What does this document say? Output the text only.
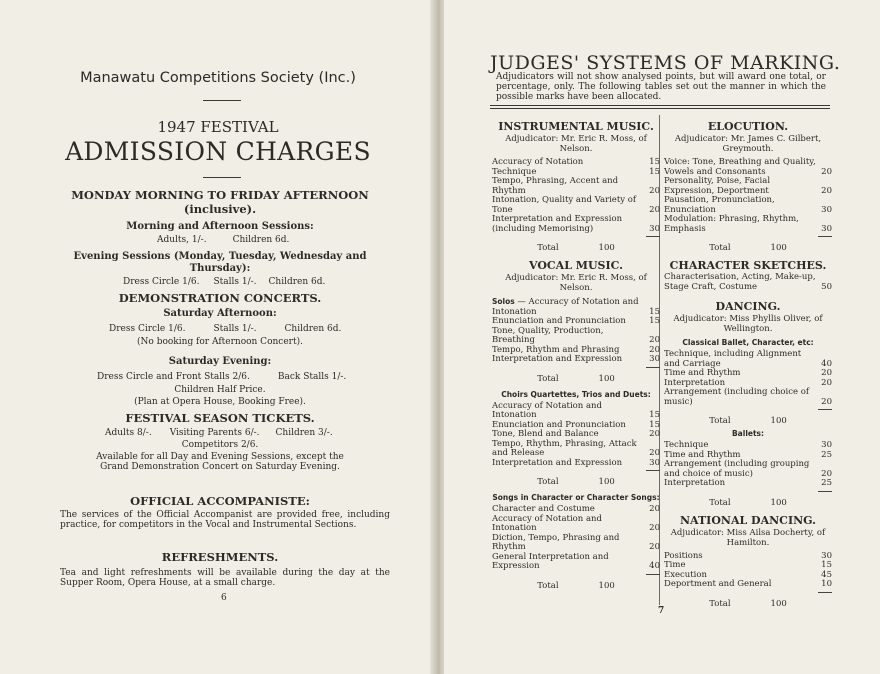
Manawatu Competitions Society (Inc.)
1947 FESTIVAL
ADMISSION CHARGES
MONDAY MORNING TO FRIDAY AFTERNOON
(inclusive).
Morning and Afternoon Sessions:
Adults, 1/-.	Children 6d.
Evening Sessions (Monday, Tuesday, Wednesday and
Thursday):
Dress Circle 1/6. Stalls 1/-. Children 6d.
DEMONSTRATION CONCERTS.
Saturday Afternoon:
Dress Circle 1/6.	Stalls 1/-.	Children 6d.
(No booking for Afternoon Concert).
Saturday Evening:
Dress Circle and Front Stalls 2/6.	Back Stalls 1/-.
Children Half Price.
(Plan at Opera House, Booking Free).
FESTIVAL SEASON TICKETS.
Adults 8/-. Visiting Parents 6/-. Children 3/-.
Competitors 2/6.
Available for all Day and Evening Sessions, except the
Grand Demonstration Concert on Saturday Evening.
OFFICIAL ACCOMPANISTE:
The services of the Official Accompanist are provided free, including practice, for competitors in the Vocal and Instrumental Sections.
REFRESHMENTS.
Tea and light refreshments will be available during the day at the Supper Room, Opera House, at a small charge.
6
JUDGES' SYSTEMS OF MARKING.
Adjudicators will not show analysed points, but will award one total, or percentage, only. The following tables set out the manner in which the possible marks have been allocated.
INSTRUMENTAL MUSIC.
Adjudicator: Mr. Eric R. Moss, of Nelson.
Accuracy of Notation	15
Technique	15
Tempo, Phrasing, Accent and Rhythm	20
Intonation, Quality and Variety of Tone	20
Interpretation and Expression (including Memorising)	30
Total	100
VOCAL MUSIC.
Adjudicator: Mr. Eric R. Moss, of Nelson.
Solos — Accuracy of Notation and Intonation	15
Enunciation and Pronunciation	15
Tone, Quality, Production, Breathing	20
Tempo, Rhythm and Phrasing	20
Interpretation and Expression	30
Total	100
Choirs Quartettes, Trios and Duets:
Accuracy of Notation and Intonation	15
Enunciation and Pronunciation	15
Tone, Blend and Balance	20
Tempo, Rhythm, Phrasing, Attack and Release	20
Interpretation and Expression	30
Total	100
Songs in Character or Character Songs:
Character and Costume	20
Accuracy of Notation and Intonation	20
Diction, Tempo, Phrasing and Rhythm	20
General Interpretation and Expression	40
Total	100
ELOCUTION.
Adjudicator: Mr. James C. Gilbert, Greymouth.
Voice: Tone, Breathing and Quality, Vowels and Consonants	20
Personality, Poise, Facial Expression, Deportment	20
Pausation, Pronunciation, Enunciation	30
Modulation: Phrasing, Rhythm, Emphasis	30
Total	100
CHARACTER SKETCHES.
Characterisation, Acting, Make-up, Stage Craft, Costume	50
DANCING.
Adjudicator: Miss Phyllis Oliver, of Wellington.
Classical Ballet, Character, etc:
Technique, including Alignment and Carriage	40
Time and Rhythm	20
Interpretation	20
Arrangement (including choice of music)	20
Total	100
Ballets:
Technique	30
Time and Rhythm	25
Arrangement (including grouping and choice of music)	20
Interpretation	25
Total	100
NATIONAL DANCING.
Adjudicator: Miss Ailsa Docherty, of Hamilton.
Positions	30
Time	15
Execution	45
Deportment and General	10
Total	100
7
